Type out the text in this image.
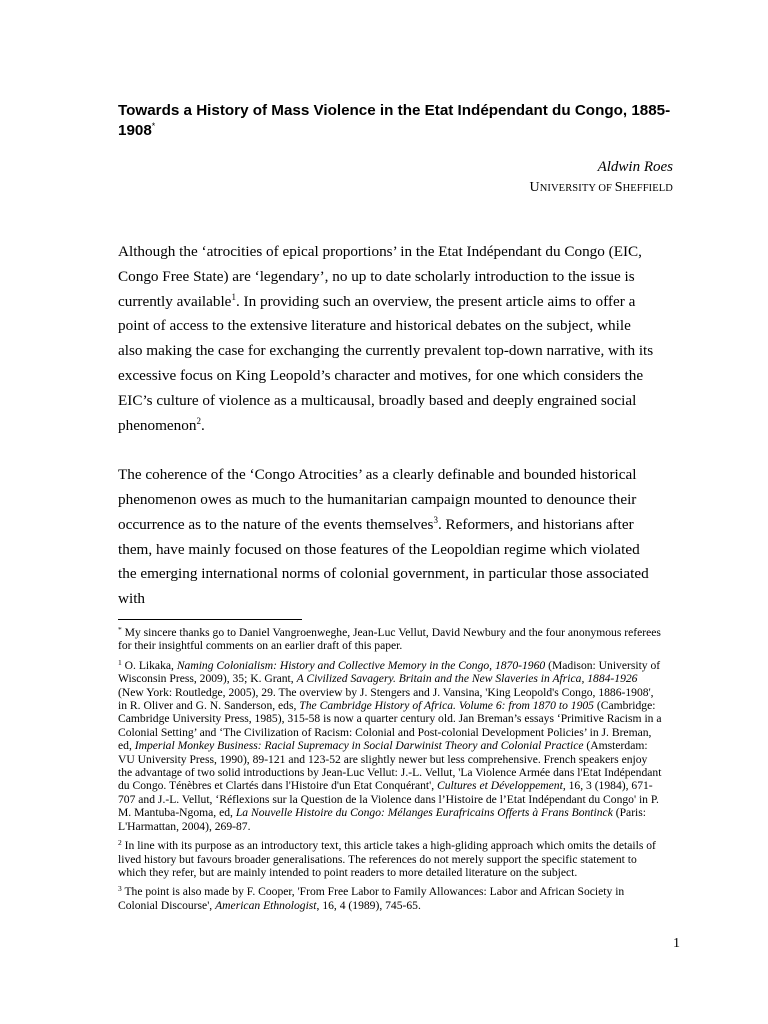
Towards a History of Mass Violence in the Etat Indépendant du Congo, 1885-1908*
Aldwin Roes
UNIVERSITY OF SHEFFIELD

Although the ‘atrocities of epical proportions’ in the Etat Indépendant du Congo (EIC, Congo Free State) are ‘legendary’, no up to date scholarly introduction to the issue is currently available$^1$. In providing such an overview, the present article aims to offer a point of access to the extensive literature and historical debates on the subject, while also making the case for exchanging the currently prevalent top-down narrative, with its excessive focus on King Leopold’s character and motives, for one which considers the EIC’s culture of violence as a multicausal, broadly based and deeply engrained social phenomenon$^2$.

The coherence of the ‘Congo Atrocities’ as a clearly definable and bounded historical phenomenon owes as much to the humanitarian campaign mounted to denounce their occurrence as to the nature of the events themselves$^3$. Reformers, and historians after them, have mainly focused on those features of the Leopoldian regime which violated the emerging international norms of colonial government, in particular those associated with

* My sincere thanks go to Daniel Vangroenweghe, Jean-Luc Vellut, David Newbury and the four anonymous referees for their insightful comments on an earlier draft of this paper.

$^1$ O. Likaka, Naming Colonialism: History and Collective Memory in the Congo, 1870-1960 (Madison: University of Wisconsin Press, 2009), 35; K. Grant, A Civilized Savagery. Britain and the New Slaveries in Africa, 1884-1926 (New York: Routledge, 2005), 29. The overview by J. Stengers and J. Vansina, 'King Leopold's Congo, 1886-1908', in R. Oliver and G. N. Sanderson, eds, The Cambridge History of Africa. Volume 6: from 1870 to 1905 (Cambridge: Cambridge University Press, 1985), 315-58 is now a quarter century old. Jan Breman’s essays ‘Primitive Racism in a Colonial Setting’ and ‘The Civilization of Racism: Colonial and Post-colonial Development Policies’ in J. Breman, ed, Imperial Monkey Business: Racial Supremacy in Social Darwinist Theory and Colonial Practice (Amsterdam: VU University Press, 1990), 89-121 and 123-52 are slightly newer but less comprehensive. French speakers enjoy the advantage of two solid introductions by Jean-Luc Vellut: J.-L. Vellut, 'La Violence Armée dans l'Etat Indépendant du Congo. Ténèbres et Clartés dans l'Histoire d'un Etat Conquérant', Cultures et Développement, 16, 3 (1984), 671-707 and J.-L. Vellut, ‘Réflexions sur la Question de la Violence dans l’Histoire de l’Etat Indépendant du Congo' in P. M. Mantuba-Ngoma, ed, La Nouvelle Histoire du Congo: Mélanges Eurafricains Offerts à Frans Bontinck (Paris: L'Harmattan, 2004), 269-87.

$^2$ In line with its purpose as an introductory text, this article takes a high-gliding approach which omits the details of lived history but favours broader generalisations. The references do not merely support the specific statement to which they refer, but are mainly intended to point readers to more detailed literature on the subject.

$^3$ The point is also made by F. Cooper, 'From Free Labor to Family Allowances: Labor and African Society in Colonial Discourse', American Ethnologist, 16, 4 (1989), 745-65.

1
